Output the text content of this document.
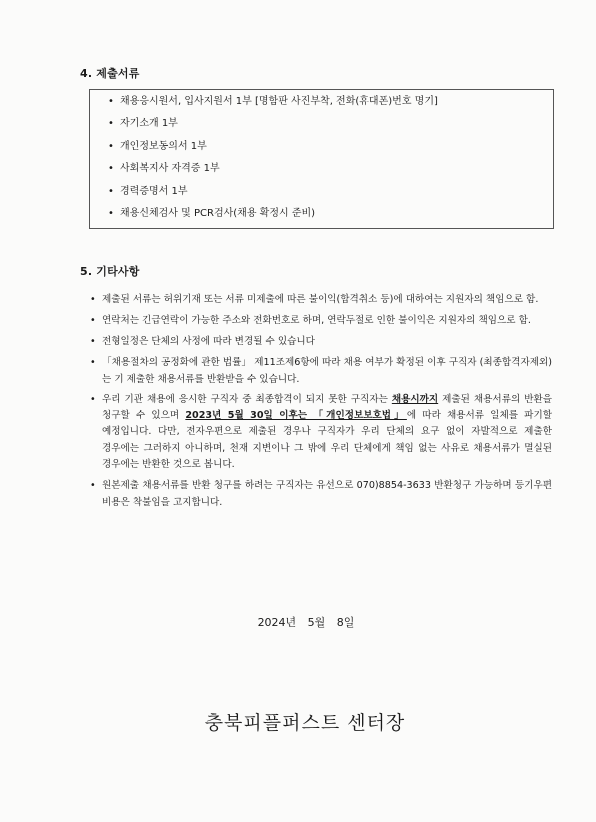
4. 제출서류
• 채용응시원서, 입사지원서 1부 [명함판 사진부착, 전화(휴대폰)번호 명기]
• 자기소개 1부
• 개인정보동의서 1부
• 사회복지사 자격증 1부
• 경력증명서 1부
• 채용신체검사 및 PCR검사(채용 확정시 준비)
5. 기타사항
• 제출된 서류는 허위기재 또는 서류 미제출에 따른 불이익(합격취소 등)에 대하여는 지원자의 책임으로 함.
• 연락처는 긴급연락이 가능한 주소와 전화번호로 하며, 연락두절로 인한 불이익은 지원자의 책임으로 함.
• 전형일정은 단체의 사정에 따라 변경될 수 있습니다
• 「채용절차의 공정화에 관한 법률」 제11조제6항에 따라 채용 여부가 확정된 이후 구직자 (최종합격자제외)는 기 제출한 채용서류를 반환받을 수 있습니다.
• 우리 기관 채용에 응시한 구직자 중 최종합격이 되지 못한 구직자는 채용시까지 제출된 채용서류의 반환을 청구할 수 있으며 2023년 5월 30일 이후는 「개인정보보호법」에 따라 채용서류 일체를 파기할 예정입니다. 다만, 전자우편으로 제출된 경우나 구직자가 우리 단체의 요구 없이 자발적으로 제출한 경우에는 그러하지 아니하며, 천재 지변이나 그 밖에 우리 단체에게 책임 없는 사유로 채용서류가 멸실된 경우에는 반환한 것으로 봅니다.
• 원본제출 채용서류를 반환 청구를 하려는 구직자는 유선으로 070)8854-3633 반환청구 가능하며 등기우편 비용은 착불임을 고지합니다.
2024년 5월 8일
충북피플퍼스트 센터장
